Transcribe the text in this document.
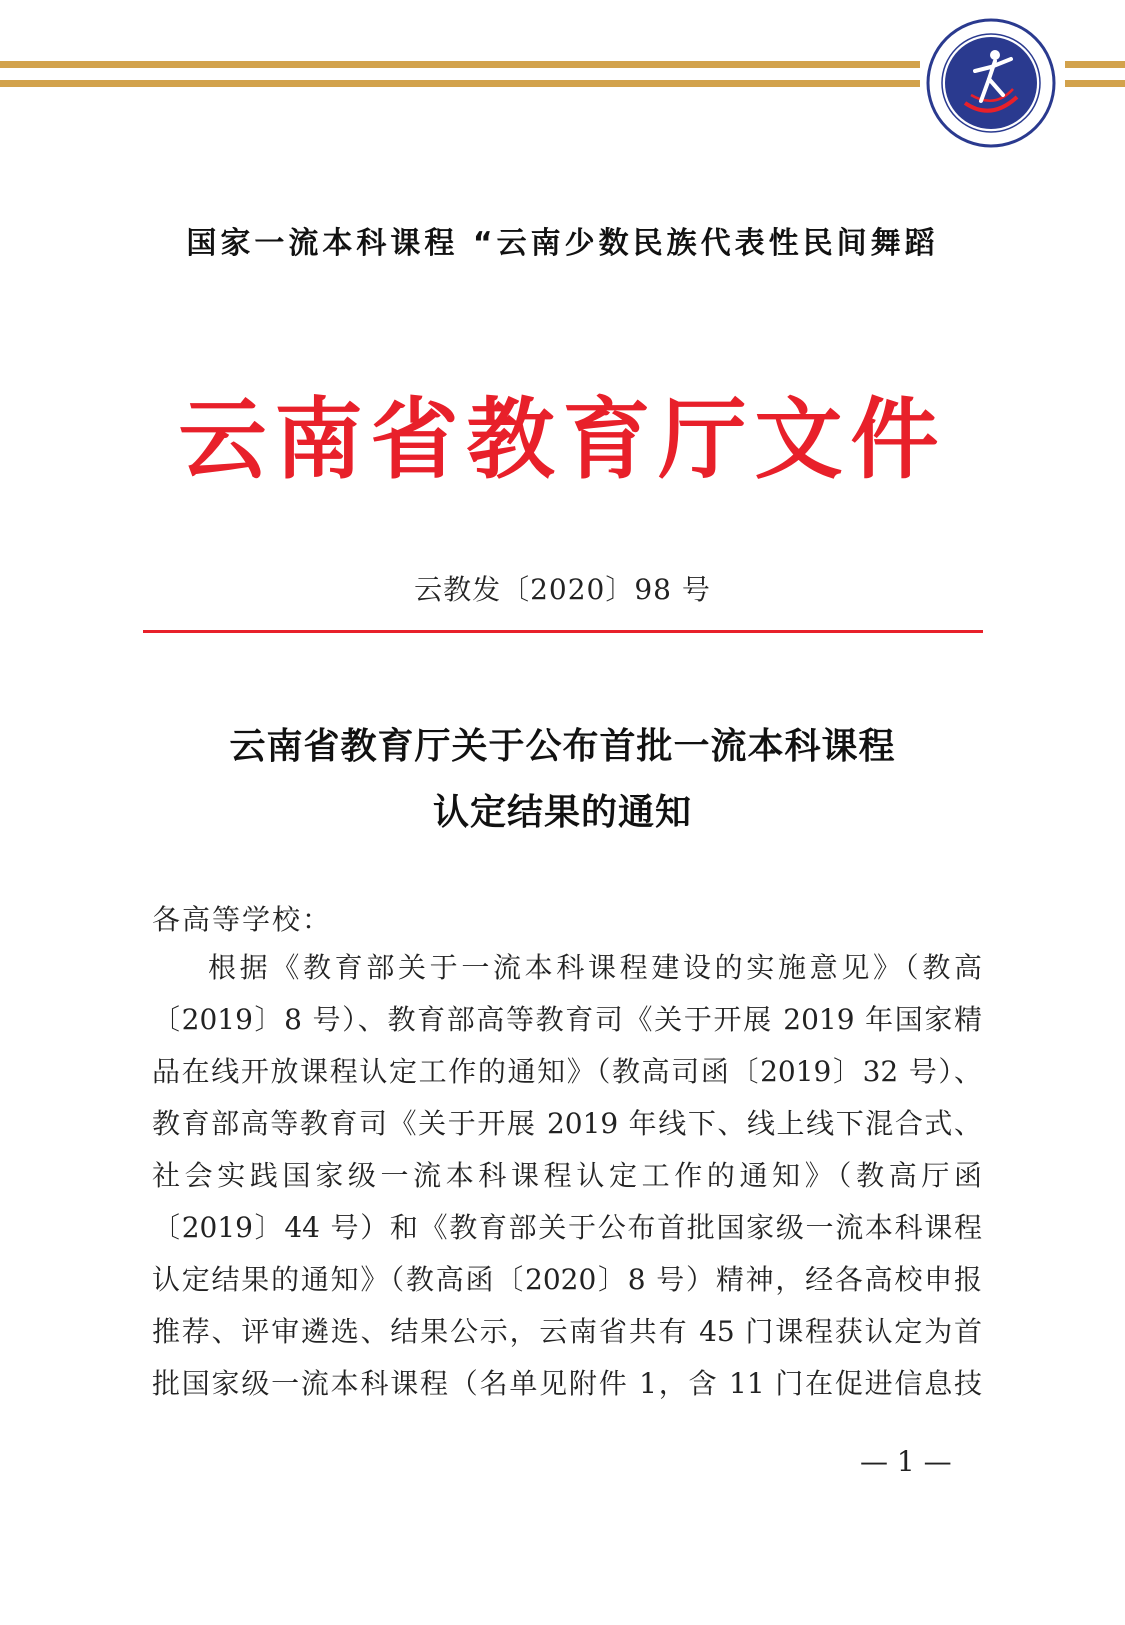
国家一流本科课程 “云南少数民族代表性民间舞蹈
云南省教育厅文件
云教发〔2020〕98 号
云南省教育厅关于公布首批一流本科课程
认定结果的通知
各高等学校：
根据《教育部关于一流本科课程建设的实施意见》（教高
〔2019〕8 号）、教育部高等教育司《关于开展 2019 年国家精
品在线开放课程认定工作的通知》（教高司函〔2019〕32 号）、
教育部高等教育司《关于开展 2019 年线下、线上线下混合式、
社会实践国家级一流本科课程认定工作的通知》（教高厅函
〔2019〕44 号）和《教育部关于公布首批国家级一流本科课程
认定结果的通知》（教高函〔2020〕8 号）精神，经各高校申报
推荐、评审遴选、结果公示，云南省共有 45 门课程获认定为首
批国家级一流本科课程（名单见附件 1，含 11 门在促进信息技
— 1 —
